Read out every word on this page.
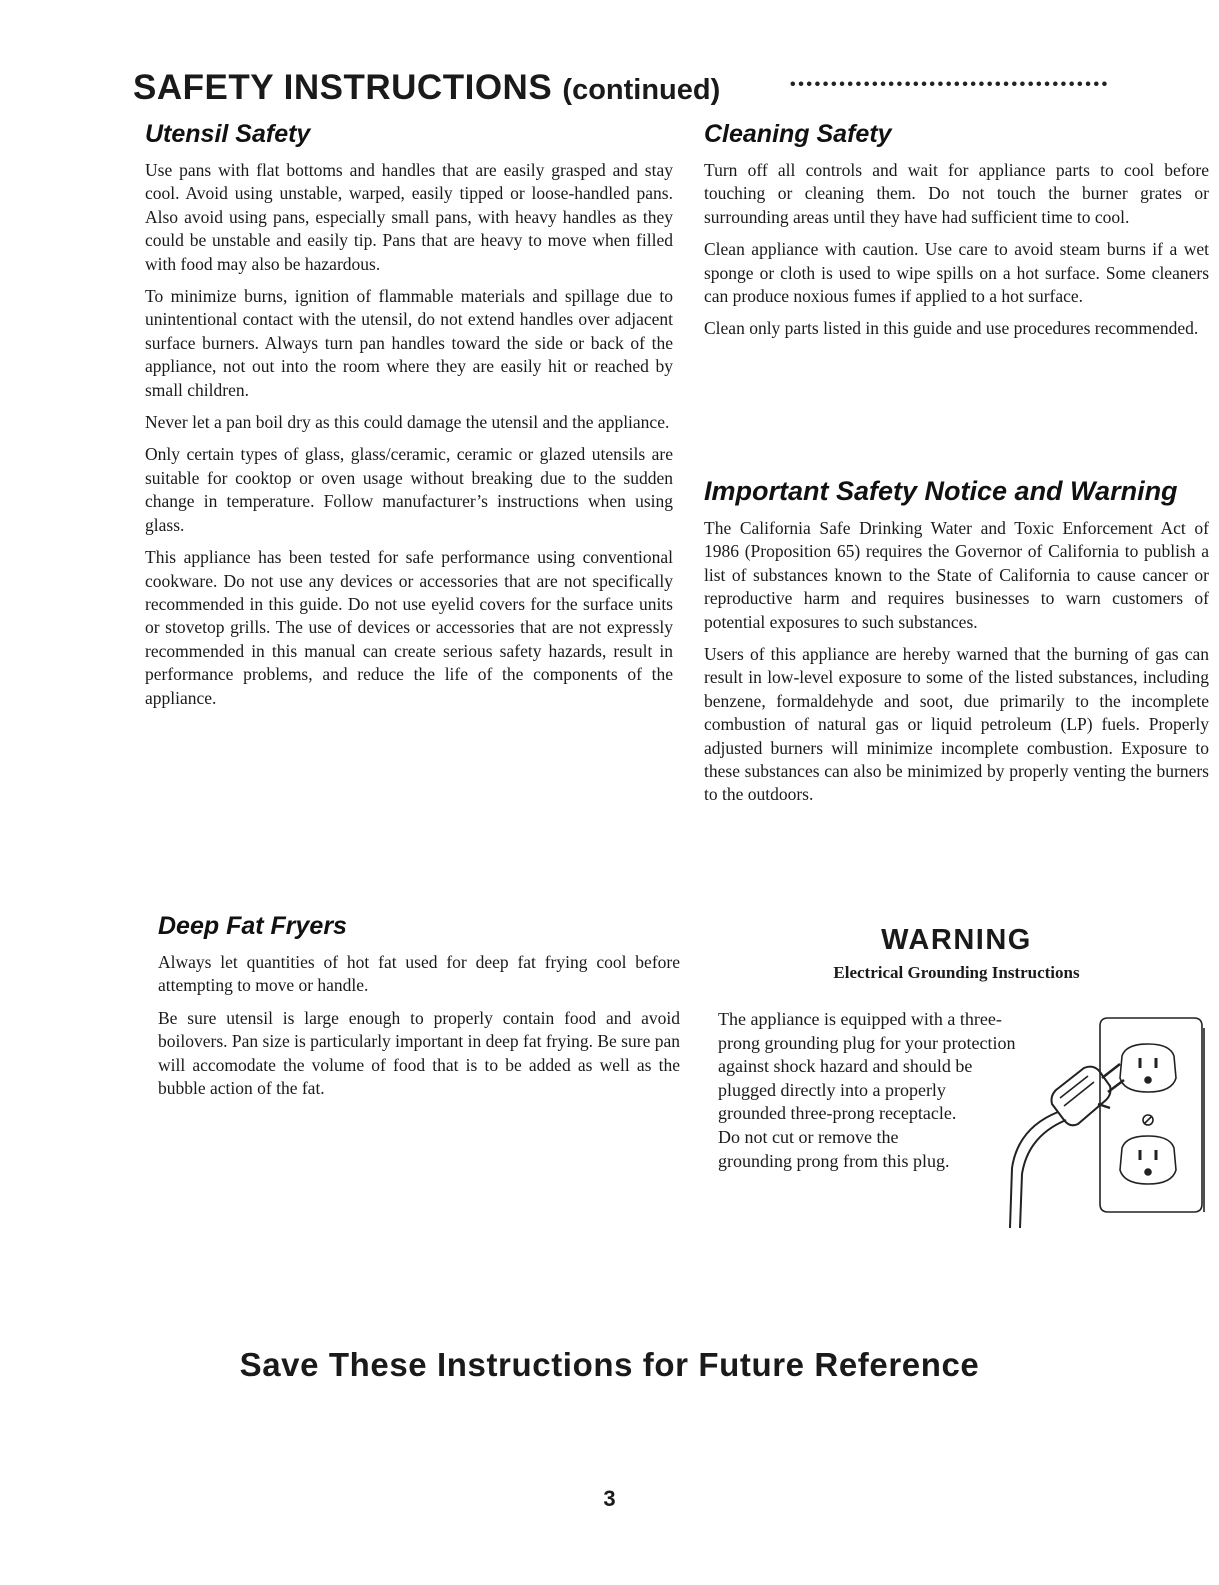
SAFETY INSTRUCTIONS (continued)	•••••••••••••••••••••••••••••••••••••••
Utensil Safety

Use pans with flat bottoms and handles that are easily grasped and stay cool. Avoid using unstable, warped, easily tipped or loose-handled pans. Also avoid using pans, especially small pans, with heavy handles as they could be unstable and easily tip. Pans that are heavy to move when filled with food may also be hazardous.

To minimize burns, ignition of flammable materials and spillage due to unintentional contact with the utensil, do not extend handles over adjacent surface burners. Always turn pan handles toward the side or back of the appliance, not out into the room where they are easily hit or reached by small children.

Never let a pan boil dry as this could damage the utensil and the appliance.

Only certain types of glass, glass/ceramic, ceramic or glazed utensils are suitable for cooktop or oven usage without breaking due to the sudden change in temperature. Follow manufacturer’s instructions when using glass.

This appliance has been tested for safe performance using conventional cookware. Do not use any devices or accessories that are not specifically recommended in this guide. Do not use eyelid covers for the surface units or stovetop grills. The use of devices or accessories that are not expressly recommended in this manual can create serious safety hazards, result in performance problems, and reduce the life of the components of the appliance.

Deep Fat Fryers

Always let quantities of hot fat used for deep fat frying cool before attempting to move or handle.

Be sure utensil is large enough to properly contain food and avoid boilovers. Pan size is particularly important in deep fat frying. Be sure pan will accomodate the volume of food that is to be added as well as the bubble action of the fat.

Cleaning Safety

Turn off all controls and wait for appliance parts to cool before touching or cleaning them. Do not touch the burner grates or surrounding areas until they have had sufficient time to cool.

Clean appliance with caution. Use care to avoid steam burns if a wet sponge or cloth is used to wipe spills on a hot surface. Some cleaners can produce noxious fumes if applied to a hot surface.

Clean only parts listed in this guide and use procedures recommended.

Important Safety Notice and Warning

The California Safe Drinking Water and Toxic Enforcement Act of 1986 (Proposition 65) requires the Governor of California to publish a list of substances known to the State of California to cause cancer or reproductive harm and requires businesses to warn customers of potential exposures to such substances.

Users of this appliance are hereby warned that the burning of gas can result in low-level exposure to some of the listed substances, including benzene, formaldehyde and soot, due primarily to the incomplete combustion of natural gas or liquid petroleum (LP) fuels. Properly adjusted burners will minimize incomplete combustion. Exposure to these substances can also be minimized by properly venting the burners to the outdoors.

WARNING
Electrical Grounding Instructions
The appliance is equipped with a three-
prong grounding plug for your protection
against shock hazard and should be
plugged directly into a properly
grounded three-prong receptacle.
Do not cut or remove the
grounding prong from this plug.
Save These Instructions for Future Reference
3
